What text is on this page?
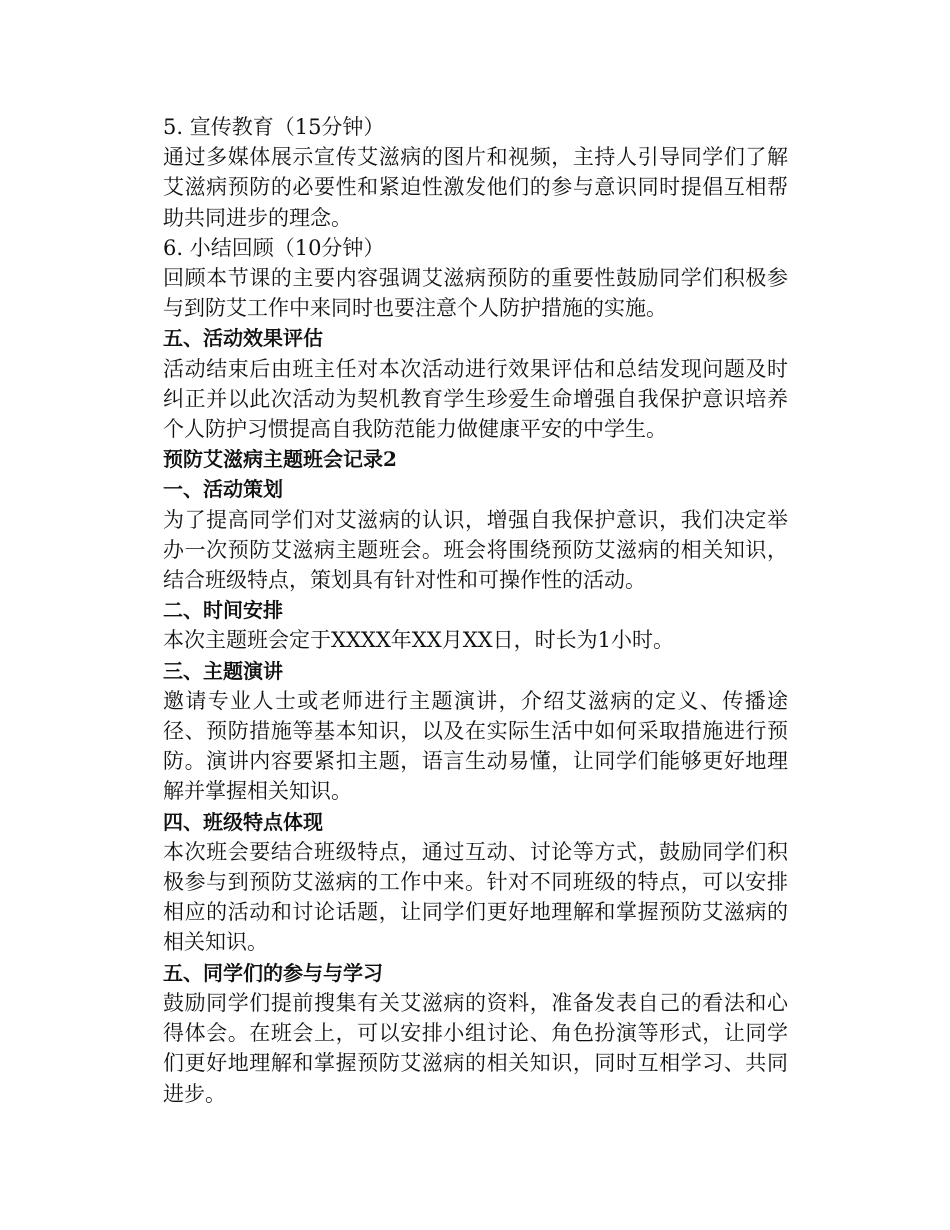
5. 宣传教育（15分钟）

通过多媒体展示宣传艾滋病的图片和视频，主持人引导同学们了解艾滋病预防的必要性和紧迫性激发他们的参与意识同时提倡互相帮助共同进步的理念。

6. 小结回顾（10分钟）

回顾本节课的主要内容强调艾滋病预防的重要性鼓励同学们积极参与到防艾工作中来同时也要注意个人防护措施的实施。

五、活动效果评估

活动结束后由班主任对本次活动进行效果评估和总结发现问题及时纠正并以此次活动为契机教育学生珍爱生命增强自我保护意识培养个人防护习惯提高自我防范能力做健康平安的中学生。

预防艾滋病主题班会记录2

一、活动策划

为了提高同学们对艾滋病的认识，增强自我保护意识，我们决定举办一次预防艾滋病主题班会。班会将围绕预防艾滋病的相关知识，结合班级特点，策划具有针对性和可操作性的活动。

二、时间安排

本次主题班会定于XXXX年XX月XX日，时长为1小时。

三、主题演讲

邀请专业人士或老师进行主题演讲，介绍艾滋病的定义、传播途径、预防措施等基本知识，以及在实际生活中如何采取措施进行预防。演讲内容要紧扣主题，语言生动易懂，让同学们能够更好地理解并掌握相关知识。

四、班级特点体现

本次班会要结合班级特点，通过互动、讨论等方式，鼓励同学们积极参与到预防艾滋病的工作中来。针对不同班级的特点，可以安排相应的活动和讨论话题，让同学们更好地理解和掌握预防艾滋病的相关知识。

五、同学们的参与与学习

鼓励同学们提前搜集有关艾滋病的资料，准备发表自己的看法和心得体会。在班会上，可以安排小组讨论、角色扮演等形式，让同学们更好地理解和掌握预防艾滋病的相关知识，同时互相学习、共同进步。
